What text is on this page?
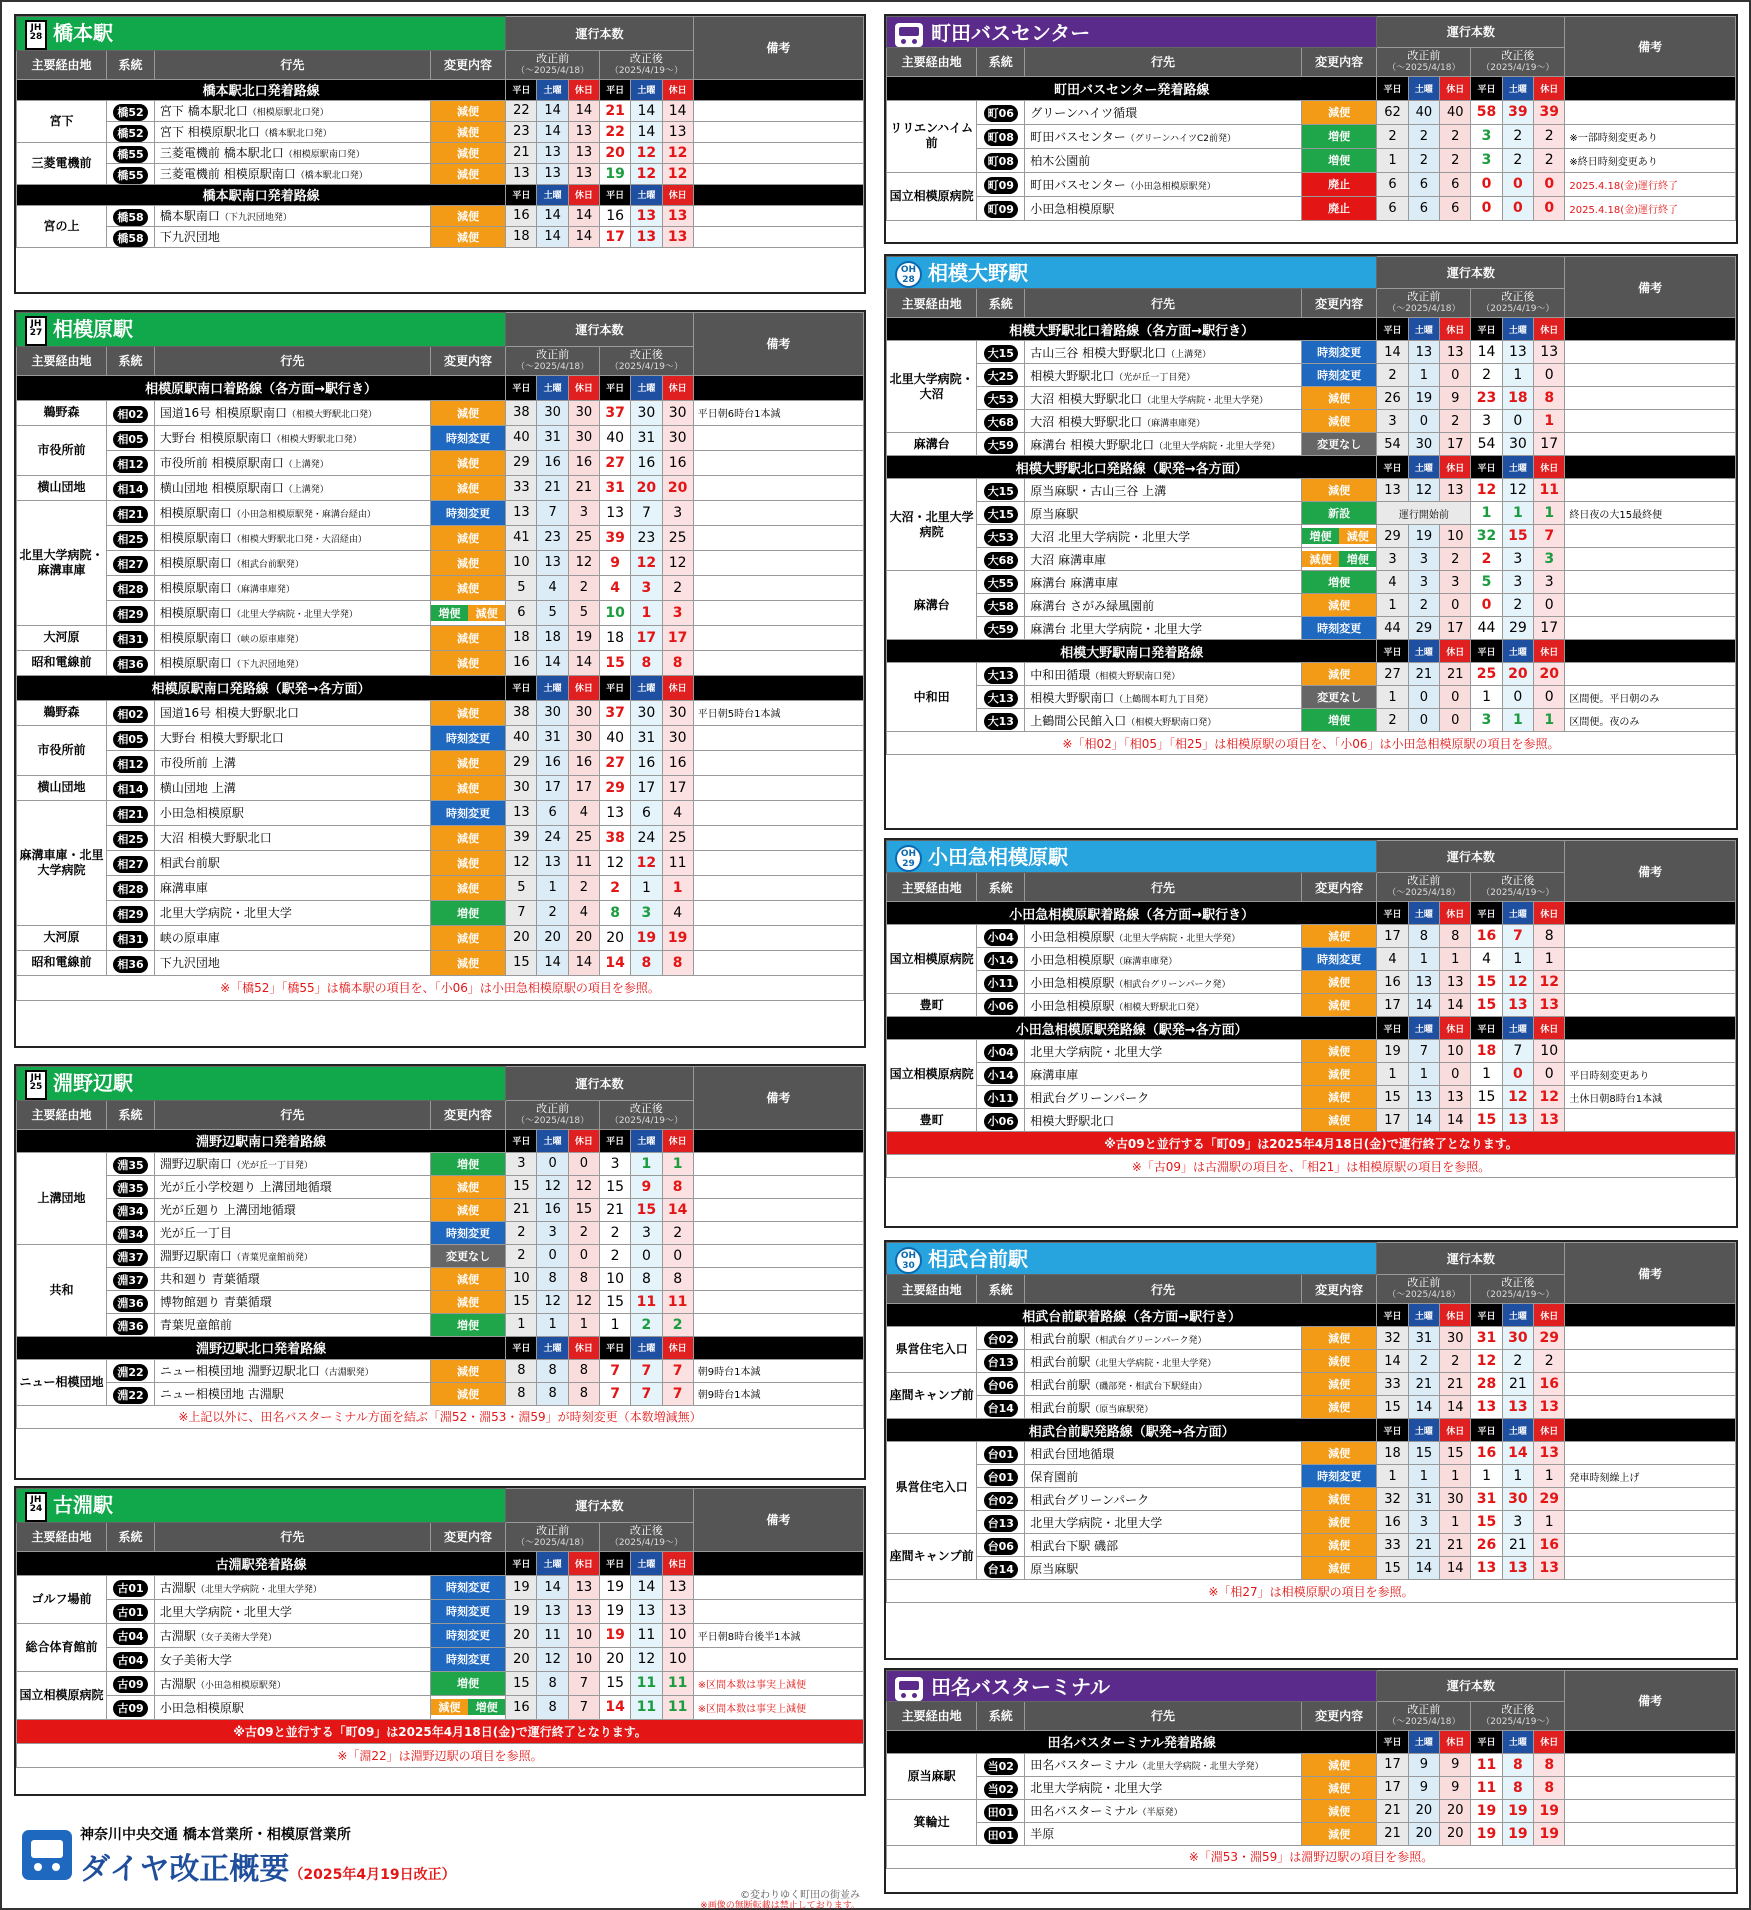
JH
28 橋本駅				運行本数						備考
主要経由地	系統	行先	変更内容	改正前
（～2025/4/18）			改正後
（2025/4/19～）			

橋本駅北口発着路線				平日	土曜	休日	平日	土曜	休日	
宮下	橋52	宮下 橋本駅北口（相模原駅北口発）	減便	22	14	14	21	14	14	
	橋52	宮下 相模原駅北口（橋本駅北口発）	減便	23	14	13	22	14	13	
三菱電機前	橋55	三菱電機前 橋本駅北口（相模原駅南口発）	減便	21	13	13	20	12	12	
	橋55	三菱電機前 相模原駅南口（橋本駅北口発）	減便	13	13	13	19	12	12	
橋本駅南口発着路線				平日	土曜	休日	平日	土曜	休日	
宮の上	橋58	橋本駅南口（下九沢団地発）	減便	16	14	14	16	13	13	
	橋58	下九沢団地	減便	18	14	14	17	13	13	
JH
27 相模原駅				運行本数						備考
主要経由地	系統	行先	変更内容	改正前
（～2025/4/18）			改正後
（2025/4/19～）			

相模原駅南口着路線（各方面→駅行き）				平日	土曜	休日	平日	土曜	休日	
鵜野森	相02	国道16号 相模原駅南口（相模大野駅北口発）	減便	38	30	30	37	30	30	平日朝6時台1本減
市役所前	相05	大野台 相模原駅南口（相模大野駅北口発）	時刻変更	40	31	30	40	31	30	
	相12	市役所前 相模原駅南口（上溝発）	減便	29	16	16	27	16	16	
横山団地	相14	横山団地 相模原駅南口（上溝発）	減便	33	21	21	31	20	20	
北里大学病院・麻溝車庫	相21	相模原駅南口（小田急相模原駅発・麻溝台経由）	時刻変更	13	7	3	13	7	3	
	相25	相模原駅南口（相模大野駅北口発・大沼経由）	減便	41	23	25	39	23	25	
	相27	相模原駅南口（相武台前駅発）	減便	10	13	12	9	12	12	
	相28	相模原駅南口（麻溝車庫発）	減便	5	4	2	4	3	2	
	相29	相模原駅南口（北里大学病院・北里大学発）	増便 減便	6	5	5	10	1	3	
大河原	相31	相模原駅南口（峡の原車庫発）	減便	18	18	19	18	17	17	
昭和電線前	相36	相模原駅南口（下九沢団地発）	減便	16	14	14	15	8	8	
相模原駅南口発路線（駅発→各方面）				平日	土曜	休日	平日	土曜	休日	
鵜野森	相02	国道16号 相模大野駅北口	減便	38	30	30	37	30	30	平日朝5時台1本減
市役所前	相05	大野台 相模大野駅北口	時刻変更	40	31	30	40	31	30	
	相12	市役所前 上溝	減便	29	16	16	27	16	16	
横山団地	相14	横山団地 上溝	減便	30	17	17	29	17	17	
麻溝車庫・北里大学病院	相21	小田急相模原駅	時刻変更	13	6	4	13	6	4	
	相25	大沼 相模大野駅北口	減便	39	24	25	38	24	25	
	相27	相武台前駅	減便	12	13	11	12	12	11	
	相28	麻溝車庫	減便	5	1	2	2	1	1	
	相29	北里大学病院・北里大学	増便	7	2	4	8	3	4	
大河原	相31	峡の原車庫	減便	20	20	20	20	19	19	
昭和電線前	相36	下九沢団地	減便	15	14	14	14	8	8	
※「橋52」「橋55」は橋本駅の項目を、「小06」は小田急相模原駅の項目を参照。										
JH
25 淵野辺駅				運行本数						備考
主要経由地	系統	行先	変更内容	改正前
（～2025/4/18）			改正後
（2025/4/19～）			

淵野辺駅南口発着路線				平日	土曜	休日	平日	土曜	休日	
上溝団地	淵35	淵野辺駅南口（光が丘一丁目発）	増便	3	0	0	3	1	1	
	淵35	光が丘小学校廻り 上溝団地循環	減便	15	12	12	15	9	8	
	淵34	光が丘廻り 上溝団地循環	減便	21	16	15	21	15	14	
	淵34	光が丘一丁目	時刻変更	2	3	2	2	3	2	
共和	淵37	淵野辺駅南口（青葉児童館前発）	変更なし	2	0	0	2	0	0	
	淵37	共和廻り 青葉循環	減便	10	8	8	10	8	8	
	淵36	博物館廻り 青葉循環	減便	15	12	12	15	11	11	
	淵36	青葉児童館前	増便	1	1	1	1	2	2	
淵野辺駅北口発着路線				平日	土曜	休日	平日	土曜	休日	
ニュー相模団地	淵22	ニュー相模団地 淵野辺駅北口（古淵駅発）	減便	8	8	8	7	7	7	朝9時台1本減
	淵22	ニュー相模団地 古淵駅	減便	8	8	8	7	7	7	朝9時台1本減
※上記以外に、田名バスターミナル方面を結ぶ「淵52・淵53・淵59」が時刻変更（本数増減無）										
JH
24 古淵駅				運行本数						備考
主要経由地	系統	行先	変更内容	改正前
（～2025/4/18）			改正後
（2025/4/19～）			

古淵駅発着路線				平日	土曜	休日	平日	土曜	休日	
ゴルフ場前	古01	古淵駅（北里大学病院・北里大学発）	時刻変更	19	14	13	19	14	13	
	古01	北里大学病院・北里大学	時刻変更	19	13	13	19	13	13	
総合体育館前	古04	古淵駅（女子美術大学発）	時刻変更	20	11	10	19	11	10	平日朝8時台後半1本減
	古04	女子美術大学	時刻変更	20	12	10	20	12	10	
国立相模原病院	古09	古淵駅（小田急相模原駅発）	増便	15	8	7	15	11	11	※区間本数は事実上減便
	古09	小田急相模原駅	減便 増便	16	8	7	14	11	11	※区間本数は事実上減便
※古09と並行する「町09」は2025年4月18日(金)で運行終了となります。										
※「淵22」は淵野辺駅の項目を参照。										
町田バスセンター				運行本数						備考
主要経由地	系統	行先	変更内容	改正前
（～2025/4/18）			改正後
（2025/4/19～）			

町田バスセンター発着路線				平日	土曜	休日	平日	土曜	休日	
リリエンハイム前	町06	グリーンハイツ循環	減便	62	40	40	58	39	39	
	町08	町田バスセンター（グリーンハイツC2前発）	増便	2	2	2	3	2	2	※一部時刻変更あり
	町08	柏木公園前	増便	1	2	2	3	2	2	※終日時刻変更あり
国立相模原病院	町09	町田バスセンター（小田急相模原駅発）	廃止	6	6	6	0	0	0	2025.4.18(金)運行終了
	町09	小田急相模原駅	廃止	6	6	6	0	0	0	2025.4.18(金)運行終了
OH
28 相模大野駅				運行本数						備考
主要経由地	系統	行先	変更内容	改正前
（～2025/4/18）			改正後
（2025/4/19～）			

相模大野駅北口着路線（各方面→駅行き）				平日	土曜	休日	平日	土曜	休日	
北里大学病院・大沼	大15	古山三谷 相模大野駅北口（上溝発）	時刻変更	14	13	13	14	13	13	
	大25	相模大野駅北口（光が丘一丁目発）	時刻変更	2	1	0	2	1	0	
	大53	大沼 相模大野駅北口（北里大学病院・北里大学発）	減便	26	19	9	23	18	8	
	大68	大沼 相模大野駅北口（麻溝車庫発）	減便	3	0	2	3	0	1	
麻溝台	大59	麻溝台 相模大野駅北口（北里大学病院・北里大学発）	変更なし	54	30	17	54	30	17	
相模大野駅北口発路線（駅発→各方面）				平日	土曜	休日	平日	土曜	休日	
大沼・北里大学病院	大15	原当麻駅・古山三谷 上溝	減便	13	12	13	12	12	11	
	大15	原当麻駅	新設	運行開始前			1	1	1	終日夜の大15最終便
	大53	大沼 北里大学病院・北里大学	増便 減便	29	19	10	32	15	7	
	大68	大沼 麻溝車庫	減便 増便	3	3	2	2	3	3	
麻溝台	大55	麻溝台 麻溝車庫	増便	4	3	3	5	3	3	
	大58	麻溝台 さがみ緑風園前	減便	1	2	0	0	2	0	
	大59	麻溝台 北里大学病院・北里大学	時刻変更	44	29	17	44	29	17	
相模大野駅南口発着路線				平日	土曜	休日	平日	土曜	休日	
中和田	大13	中和田循環（相模大野駅南口発）	減便	27	21	21	25	20	20	
	大13	相模大野駅南口（上鶴間本町九丁目発）	変更なし	1	0	0	1	0	0	区間便。平日朝のみ
	大13	上鶴間公民館入口（相模大野駅南口発）	増便	2	0	0	3	1	1	区間便。夜のみ
※「相02」「相05」「相25」は相模原駅の項目を、「小06」は小田急相模原駅の項目を参照。										
OH
29 小田急相模原駅				運行本数						備考
主要経由地	系統	行先	変更内容	改正前
（～2025/4/18）			改正後
（2025/4/19～）			

小田急相模原駅着路線（各方面→駅行き）				平日	土曜	休日	平日	土曜	休日	
国立相模原病院	小04	小田急相模原駅（北里大学病院・北里大学発）	減便	17	8	8	16	7	8	
	小14	小田急相模原駅（麻溝車庫発）	時刻変更	4	1	1	4	1	1	
	小11	小田急相模原駅（相武台グリーンパーク発）	減便	16	13	13	15	12	12	
豊町	小06	小田急相模原駅（相模大野駅北口発）	減便	17	14	14	15	13	13	
小田急相模原駅発路線（駅発→各方面）				平日	土曜	休日	平日	土曜	休日	
国立相模原病院	小04	北里大学病院・北里大学	減便	19	7	10	18	7	10	
	小14	麻溝車庫	減便	1	1	0	1	0	0	平日時刻変更あり
	小11	相武台グリーンパーク	減便	15	13	13	15	12	12	土休日朝8時台1本減
豊町	小06	相模大野駅北口	減便	17	14	14	15	13	13	
※古09と並行する「町09」は2025年4月18日(金)で運行終了となります。										
※「古09」は古淵駅の項目を、「相21」は相模原駅の項目を参照。										
OH
30 相武台前駅				運行本数						備考
主要経由地	系統	行先	変更内容	改正前
（～2025/4/18）			改正後
（2025/4/19～）			

相武台前駅着路線（各方面→駅行き）				平日	土曜	休日	平日	土曜	休日	
県営住宅入口	台02	相武台前駅（相武台グリーンパーク発）	減便	32	31	30	31	30	29	
	台13	相武台前駅（北里大学病院・北里大学発）	減便	14	2	2	12	2	2	
座間キャンプ前	台06	相武台前駅（磯部発・相武台下駅経由）	減便	33	21	21	28	21	16	
	台14	相武台前駅（原当麻駅発）	減便	15	14	14	13	13	13	
相武台前駅発路線（駅発→各方面）				平日	土曜	休日	平日	土曜	休日	
県営住宅入口	台01	相武台団地循環	減便	18	15	15	16	14	13	
	台01	保育園前	時刻変更	1	1	1	1	1	1	発車時刻繰上げ
	台02	相武台グリーンパーク	減便	32	31	30	31	30	29	
	台13	北里大学病院・北里大学	減便	16	3	1	15	3	1	
座間キャンプ前	台06	相武台下駅 磯部	減便	33	21	21	26	21	16	
	台14	原当麻駅	減便	15	14	14	13	13	13	
※「相27」は相模原駅の項目を参照。										
田名バスターミナル				運行本数						備考
主要経由地	系統	行先	変更内容	改正前
（～2025/4/18）			改正後
（2025/4/19～）			

田名バスターミナル発着路線				平日	土曜	休日	平日	土曜	休日	
原当麻駅	当02	田名バスターミナル（北里大学病院・北里大学発）	減便	17	9	9	11	8	8	
	当02	北里大学病院・北里大学	減便	17	9	9	11	8	8	
箕輪辻	田01	田名バスターミナル（半原発）	減便	21	20	20	19	19	19	
	田01	半原	減便	21	20	20	19	19	19	
※「淵53・淵59」は淵野辺駅の項目を参照。										
神奈川中央交通 橋本営業所・相模原営業所
ダイヤ改正概要（2025年4月19日改正）
©変わりゆく町田の街並み
※画像の無断転載は禁止しております。
